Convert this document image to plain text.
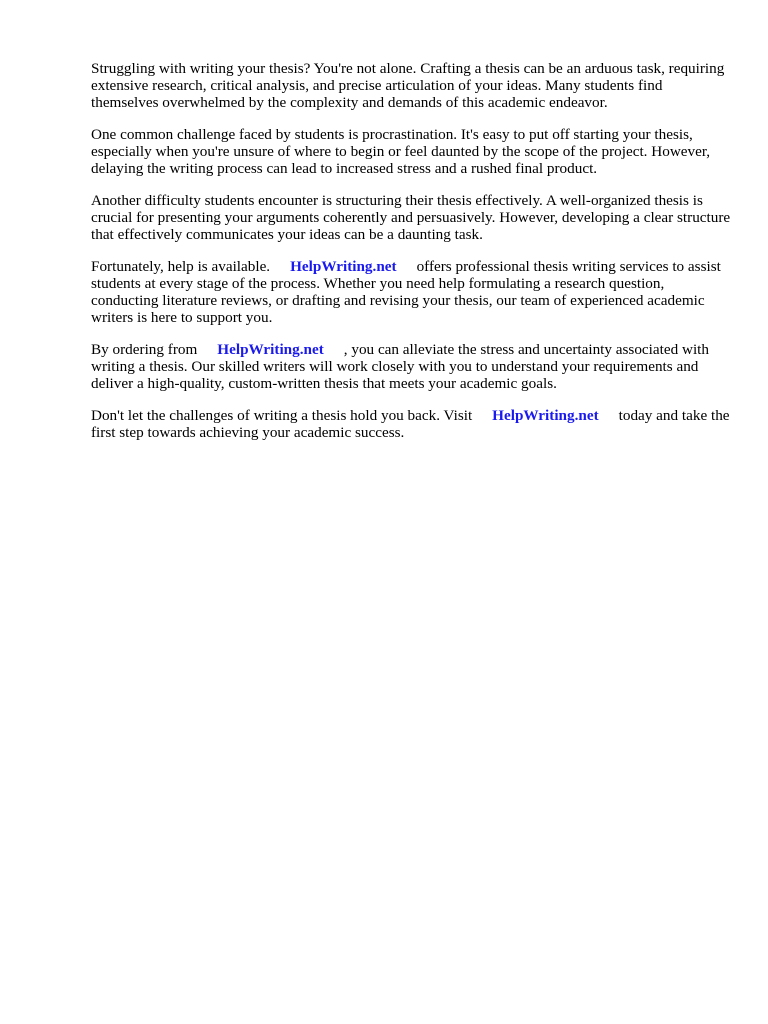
Struggling with writing your thesis? You're not alone. Crafting a thesis can be an arduous task, requiring extensive research, critical analysis, and precise articulation of your ideas. Many students find themselves overwhelmed by the complexity and demands of this academic endeavor.

One common challenge faced by students is procrastination. It's easy to put off starting your thesis, especially when you're unsure of where to begin or feel daunted by the scope of the project. However, delaying the writing process can lead to increased stress and a rushed final product.

Another difficulty students encounter is structuring their thesis effectively. A well-organized thesis is crucial for presenting your arguments coherently and persuasively. However, developing a clear structure that effectively communicates your ideas can be a daunting task.

Fortunately, help is available. HelpWriting.net offers professional thesis writing services to assist students at every stage of the process. Whether you need help formulating a research question, conducting literature reviews, or drafting and revising your thesis, our team of experienced academic writers is here to support you.

By ordering from HelpWriting.net , you can alleviate the stress and uncertainty associated with writing a thesis. Our skilled writers will work closely with you to understand your requirements and deliver a high-quality, custom-written thesis that meets your academic goals.

Don't let the challenges of writing a thesis hold you back. Visit HelpWriting.net today and take the first step towards achieving your academic success.
